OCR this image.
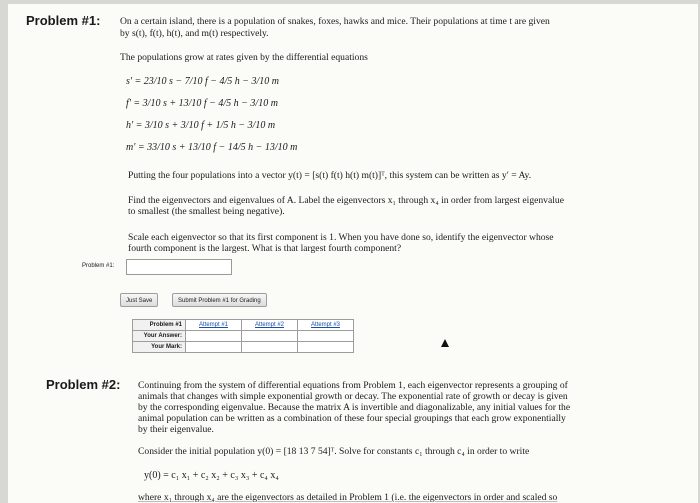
Problem #1: On a certain island, there is a population of snakes, foxes, hawks and mice. Their populations at time t are given
by s(t), f(t), h(t), and m(t) respectively.
The populations grow at rates given by the differential equations
s' = 23/10 s − 7/10 f − 4/5 h − 3/10 m
f' = 3/10 s + 13/10 f − 4/5 h − 3/10 m
h' = 3/10 s + 3/10 f + 1/5 h − 3/10 m
m' = 33/10 s + 13/10 f − 14/5 h − 13/10 m
Putting the four populations into a vector y(t) = [s(t) f(t) h(t) m(t)]ᵀ, this system can be written as y′ = Ay.
Find the eigenvectors and eigenvalues of A. Label the eigenvectors x₁ through x₄ in order from largest eigenvalue
to smallest (the smallest being negative).
Scale each eigenvector so that its first component is 1. When you have done so, identify the eigenvector whose
fourth component is the largest. What is that largest fourth component?
Problem #1:
Just Save	Submit Problem #1 for Grading
Problem #1	Attempt #1	Attempt #2	Attempt #3
Your Answer:			
Your Mark:			
Problem #2: Continuing from the system of differential equations from Problem 1, each eigenvector represents a grouping of
animals that changes with simple exponential growth or decay. The exponential rate of growth or decay is given
by the corresponding eigenvalue. Because the matrix A is invertible and diagonalizable, any initial values for the
animal population can be written as a combination of these four special groupings that each grow exponentially
by their eigenvalue.
Consider the initial population y(0) = [18 13 7 54]ᵀ. Solve for constants c₁ through c₄ in order to write
y(0) = c₁ x₁ + c₂ x₂ + c₃ x₃ + c₄ x₄
where x₁ through x₄ are the eigenvectors as detailed in Problem 1 (i.e. the eigenvectors in order and scaled so
